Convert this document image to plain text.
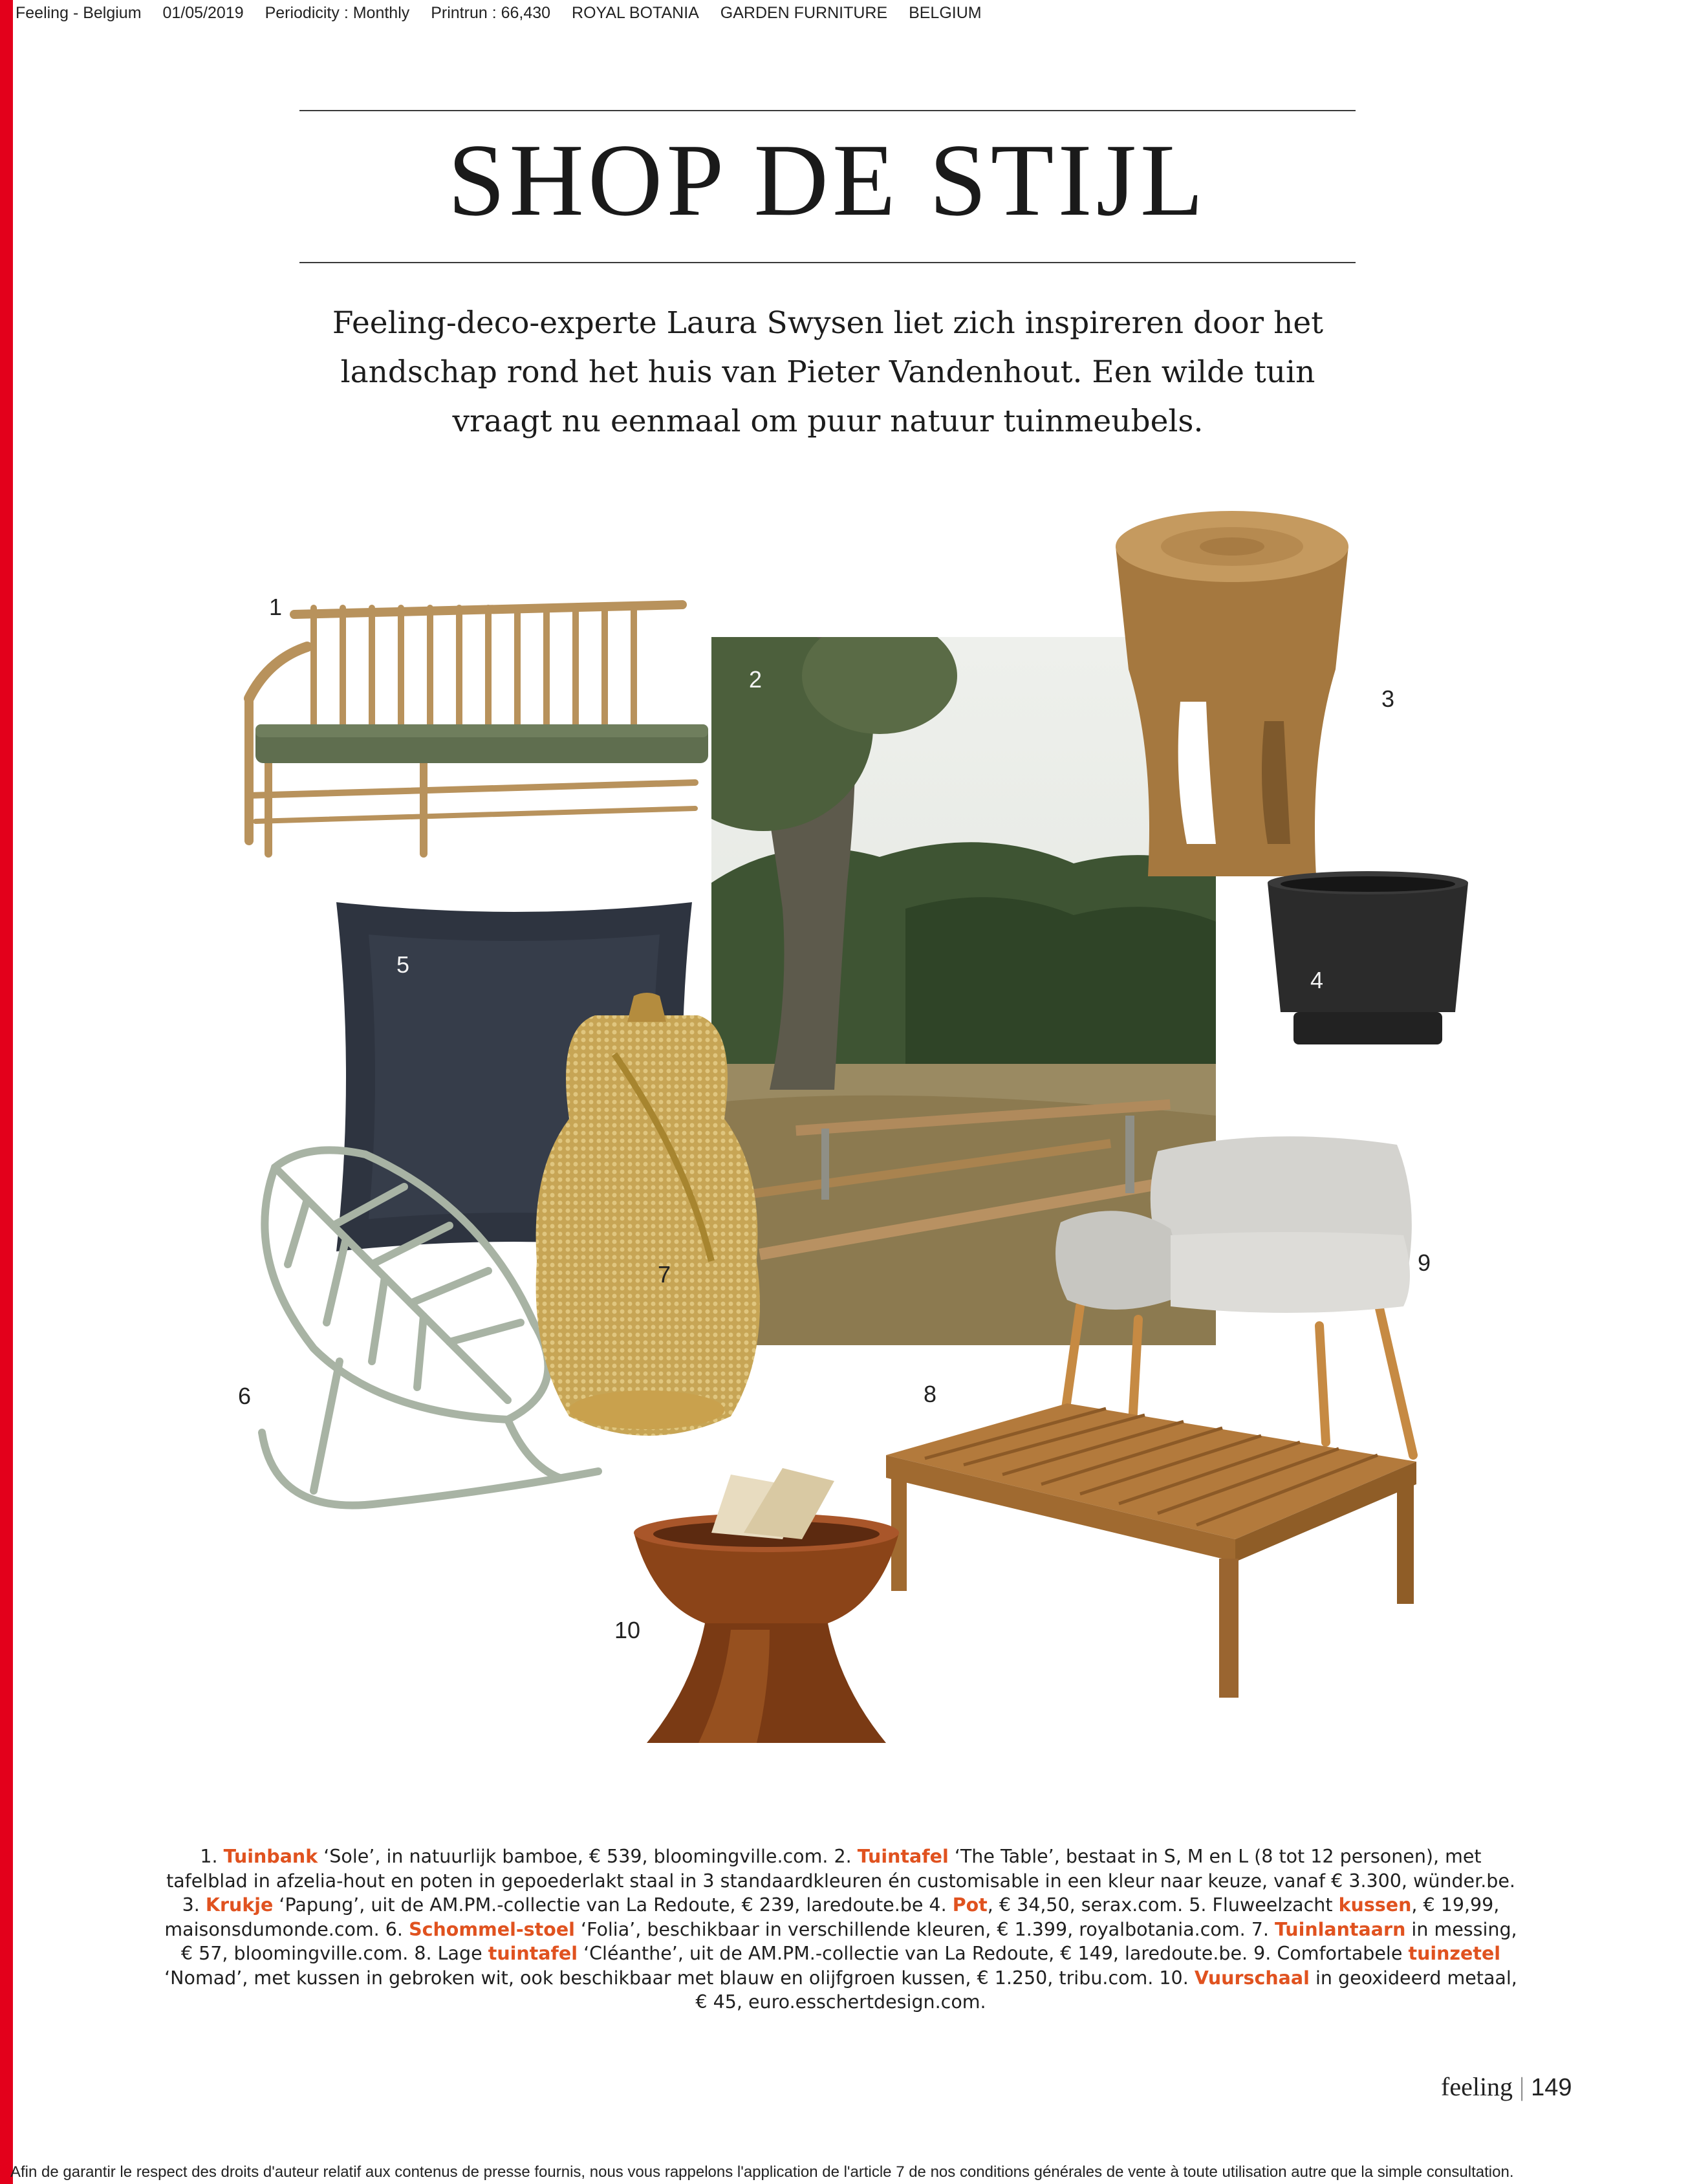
Feeling - Belgium 01/05/2019 Periodicity : Monthly Printrun : 66,430 ROYAL BOTANIA GARDEN FURNITURE BELGIUM
SHOP DE STIJL
Feeling-deco-experte Laura Swysen liet zich inspireren door het
landschap rond het huis van Pieter Vandenhout. Een wilde tuin
vraagt nu eenmaal om puur natuur tuinmeubels.
2
1
3
4
5
6
7	9
8
10
1. Tuinbank ‘Sole’, in natuurlijk bamboe, € 539, bloomingville.com. 2. Tuintafel ‘The Table’, bestaat in S, M en L (8 tot 12 personen), met tafelblad in afzelia-hout en poten in gepoederlakt staal in 3 standaardkleuren én customisable in een kleur naar keuze, vanaf € 3.300, wünder.be. 3. Krukje ‘Papung’, uit de AM.PM.-collectie van La Redoute, € 239, laredoute.be 4. Pot, € 34,50, serax.com. 5. Fluweelzacht kussen, € 19,99, maisonsdumonde.com. 6. Schommel-stoel ‘Folia’, beschikbaar in verschillende kleuren, € 1.399, royalbotania.com. 7. Tuinlantaarn in messing, € 57, bloomingville.com. 8. Lage tuintafel ‘Cléanthe’, uit de AM.PM.-collectie van La Redoute, € 149, laredoute.be. 9. Comfortabele tuinzetel ‘Nomad’, met kussen in gebroken wit, ook beschikbaar met blauw en olijfgroen kussen, € 1.250, tribu.com. 10. Vuurschaal in geoxideerd metaal, € 45, euro.esschertdesign.com.
feeling | 149
Afin de garantir le respect des droits d'auteur relatif aux contenus de presse fournis, nous vous rappelons l'application de l'article 7 de nos conditions générales de vente à toute utilisation autre que la simple consultation.
